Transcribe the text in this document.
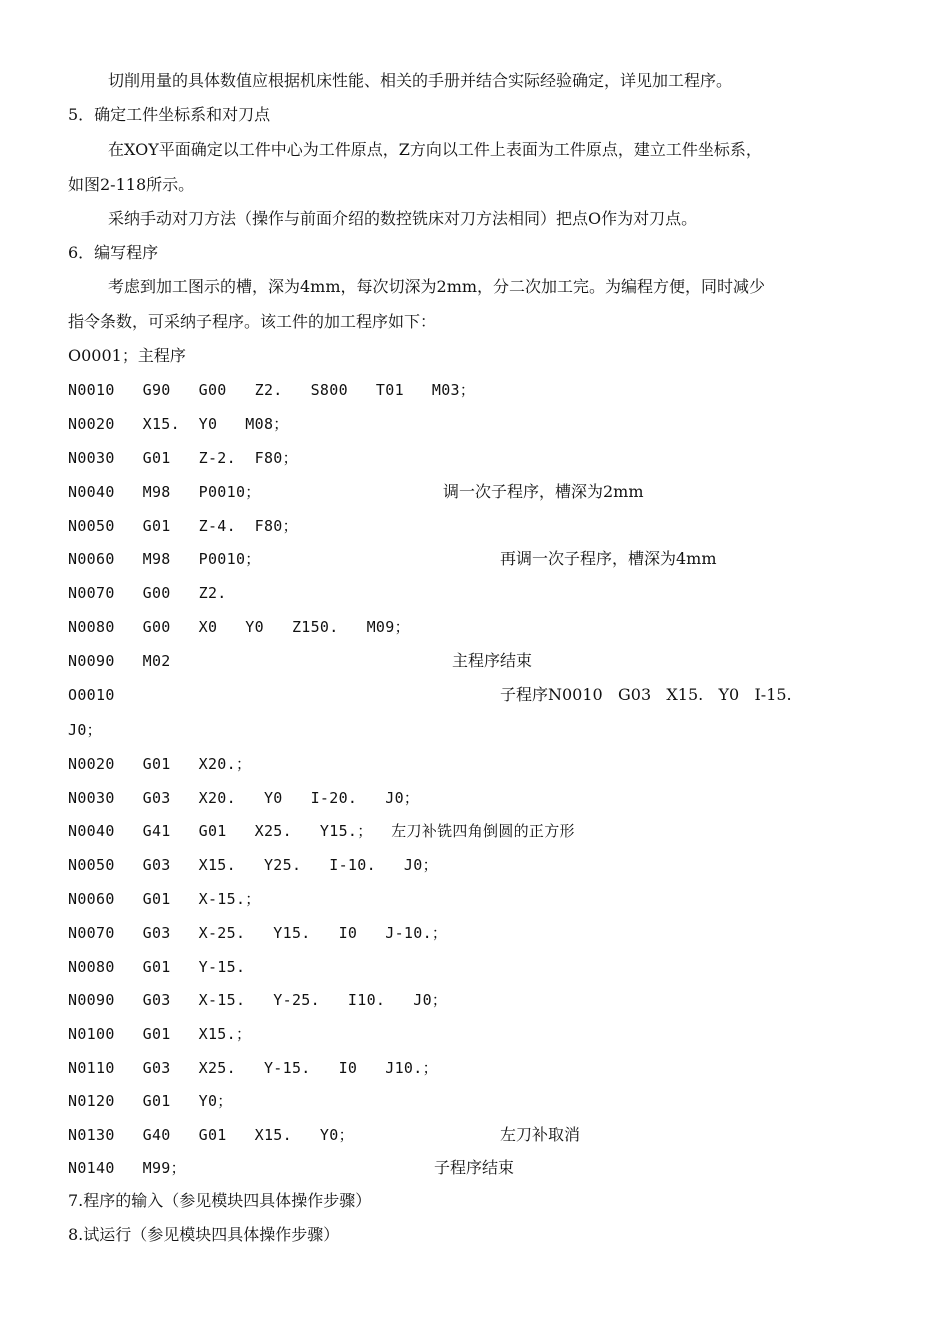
切削用量的具体数值应根据机床性能、相关的手册并结合实际经验确定，详见加工程序。
5．确定工件坐标系和对刀点
在XOY平面确定以工件中心为工件原点，Z方向以工件上表面为工件原点，建立工件坐标系，
如图2-118所示。
采纳手动对刀方法（操作与前面介绍的数控铣床对刀方法相同）把点O作为对刀点。
6．编写程序
考虑到加工图示的槽，深为4mm，每次切深为2mm，分二次加工完。为编程方便，同时减少
指令条数，可采纳子程序。该工件的加工程序如下：
O0001；主程序
N0010   G90   G00   Z2.   S800   T01   M03；
N0020   X15.  Y0   M08；
N0030   G01   Z-2.  F80；
N0040   M98   P0010；	调一次子程序，槽深为2mm
N0050   G01   Z-4.  F80；
N0060   M98   P0010；	再调一次子程序，槽深为4mm
N0070   G00   Z2.
N0080   G00   X0   Y0   Z150.   M09；
N0090   M02	主程序结束
O0010	子程序N0010   G03   X15.   Y0   I-15.
J0；
N0020   G01   X20.；
N0030   G03   X20.   Y0   I-20.   J0；
N0040   G41   G01   X25.   Y15.；  左刀补铣四角倒圆的正方形
N0050   G03   X15.   Y25.   I-10.   J0；
N0060   G01   X-15.；
N0070   G03   X-25.   Y15.   I0   J-10.；
N0080   G01   Y-15.
N0090   G03   X-15.   Y-25.   I10.   J0；
N0100   G01   X15.；
N0110   G03   X25.   Y-15.   I0   J10.；
N0120   G01   Y0；
N0130   G40   G01   X15.   Y0；	左刀补取消
N0140   M99；	子程序结束
7.程序的输入（参见模块四具体操作步骤）
8.试运行（参见模块四具体操作步骤）
